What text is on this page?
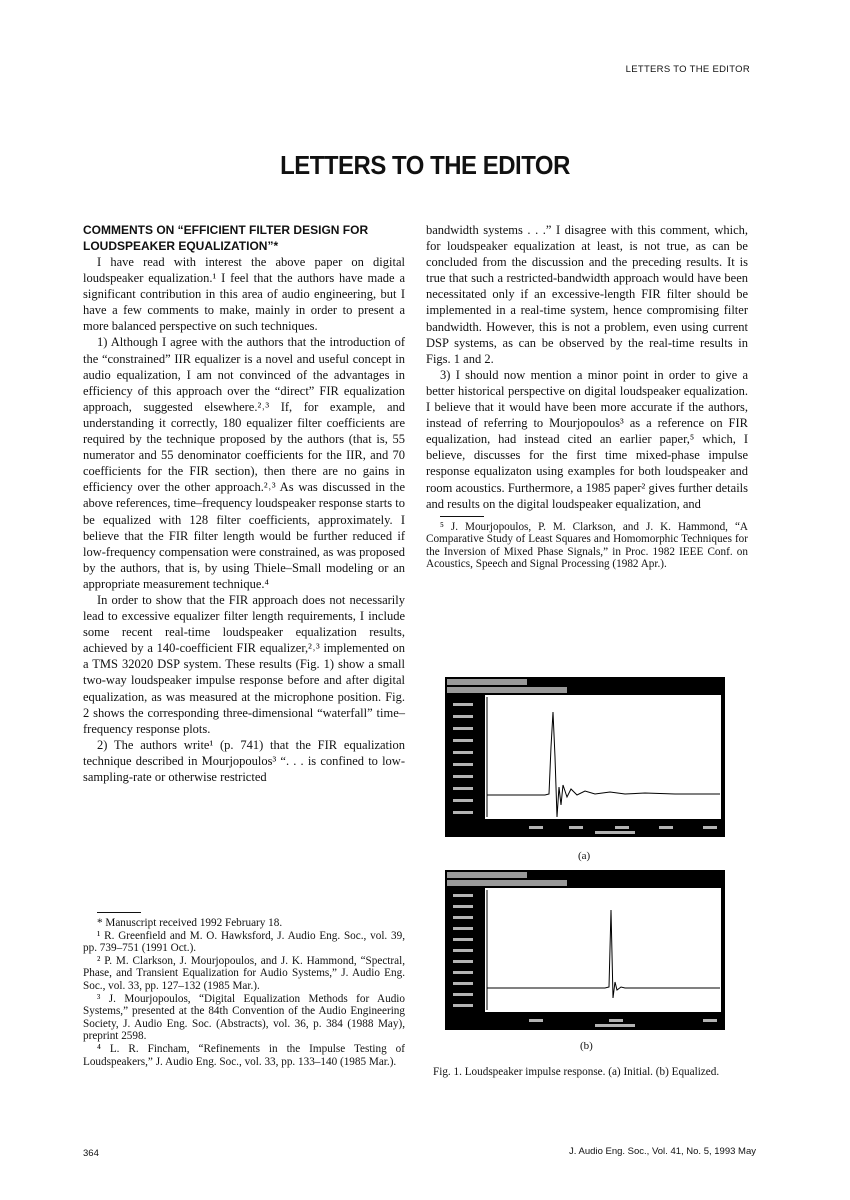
LETTERS TO THE EDITOR
LETTERS TO THE EDITOR

COMMENTS ON “EFFICIENT FILTER DESIGN FOR LOUDSPEAKER EQUALIZATION”*

I have read with interest the above paper on digital loudspeaker equalization.¹ I feel that the authors have made a significant contribution in this area of audio engineering, but I have a few comments to make, mainly in order to present a more balanced perspective on such techniques.

1) Although I agree with the authors that the introduction of the “constrained” IIR equalizer is a novel and useful concept in audio equalization, I am not convinced of the advantages in efficiency of this approach over the “direct” FIR equalization approach, suggested elsewhere.²˒³ If, for example, and understanding it correctly, 180 equalizer filter coefficients are required by the technique proposed by the authors (that is, 55 numerator and 55 denominator coefficients for the IIR, and 70 coefficients for the FIR section), then there are no gains in efficiency over the other approach.²˒³ As was discussed in the above references, time–frequency loudspeaker response starts to be equalized with 128 filter coefficients, approximately. I believe that the FIR filter length would be further reduced if low-frequency compensation were constrained, as was proposed by the authors, that is, by using Thiele–Small modeling or an appropriate measurement technique.⁴

In order to show that the FIR approach does not necessarily lead to excessive equalizer filter length requirements, I include some recent real-time loudspeaker equalization results, achieved by a 140-coefficient FIR equalizer,²˒³ implemented on a TMS 32020 DSP system. These results (Fig. 1) show a small two-way loudspeaker impulse response before and after digital equalization, as was measured at the microphone position. Fig. 2 shows the corresponding three-dimensional “waterfall” time–frequency response plots.

2) The authors write¹ (p. 741) that the FIR equalization technique described in Mourjopoulos³ “. . . is confined to low-sampling-rate or otherwise restricted

* Manuscript received 1992 February 18.

¹ R. Greenfield and M. O. Hawksford, J. Audio Eng. Soc., vol. 39, pp. 739–751 (1991 Oct.).

² P. M. Clarkson, J. Mourjopoulos, and J. K. Hammond, “Spectral, Phase, and Transient Equalization for Audio Systems,” J. Audio Eng. Soc., vol. 33, pp. 127–132 (1985 Mar.).

³ J. Mourjopoulos, “Digital Equalization Methods for Audio Systems,” presented at the 84th Convention of the Audio Engineering Society, J. Audio Eng. Soc. (Abstracts), vol. 36, p. 384 (1988 May), preprint 2598.

⁴ L. R. Fincham, “Refinements in the Impulse Testing of Loudspeakers,” J. Audio Eng. Soc., vol. 33, pp. 133–140 (1985 Mar.).

bandwidth systems . . .” I disagree with this comment, which, for loudspeaker equalization at least, is not true, as can be concluded from the discussion and the preceding results. It is true that such a restricted-bandwidth approach would have been necessitated only if an excessive-length FIR filter should be implemented in a real-time system, hence compromising filter bandwidth. However, this is not a problem, even using current DSP systems, as can be observed by the real-time results in Figs. 1 and 2.

3) I should now mention a minor point in order to give a better historical perspective on digital loudspeaker equalization. I believe that it would have been more accurate if the authors, instead of referring to Mourjopoulos³ as a reference on FIR equalization, had instead cited an earlier paper,⁵ which, I believe, discusses for the first time mixed-phase impulse response equalizaton using examples for both loudspeaker and room acoustics. Furthermore, a 1985 paper² gives further details and results on the digital loudspeaker equalization, and

⁵ J. Mourjopoulos, P. M. Clarkson, and J. K. Hammond, “A Comparative Study of Least Squares and Homomorphic Techniques for the Inversion of Mixed Phase Signals,” in Proc. 1982 IEEE Conf. on Acoustics, Speech and Signal Processing (1982 Apr.).

(a)
(b)
Fig. 1. Loudspeaker impulse response. (a) Initial. (b) Equalized.
364	J. Audio Eng. Soc., Vol. 41, No. 5, 1993 May
